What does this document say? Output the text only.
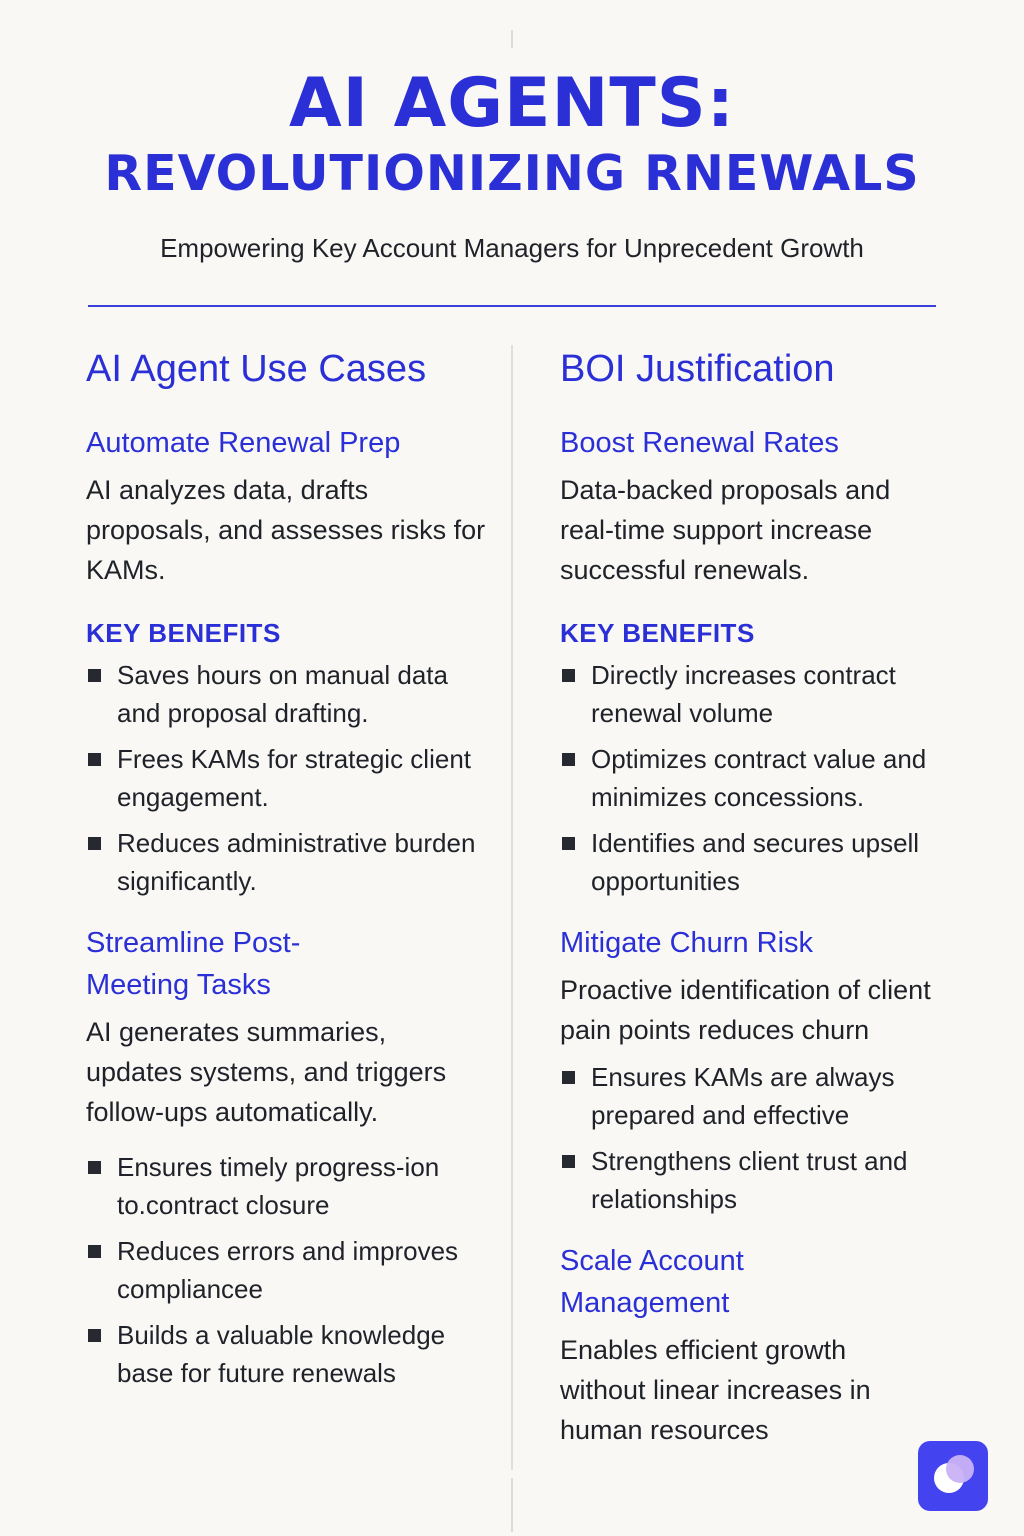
AI AGENTS:
REVOLUTIONIZING RNEWALS

Empowering Key Account Managers for Unprecedent Growth

AI Agent Use Cases
Automate Renewal Prep

AI analyzes data, drafts proposals, and assesses risks for KAMs.

KEY BENEFITS
Saves hours on manual data and proposal drafting.
Frees KAMs for strategic client engagement.
Reduces administrative burden significantly.
Streamline Post-Meeting Tasks

AI generates summaries, updates systems, and triggers follow-ups automatically.

Ensures timely progress-ion to.contract closure
Reduces errors and improves compliancee
Builds a valuable knowledge base for future renewals
BOI Justification
Boost Renewal Rates

Data-backed proposals and real-time support increase successful renewals.

KEY BENEFITS
Directly increases contract renewal volume
Optimizes contract value and minimizes concessions.
Identifies and secures upsell opportunities
Mitigate Churn Risk

Proactive identification of client pain points reduces churn

Ensures KAMs are always prepared and effective
Strengthens client trust and relationships
Scale Account Management

Enables efficient growth without linear increases in human resources
